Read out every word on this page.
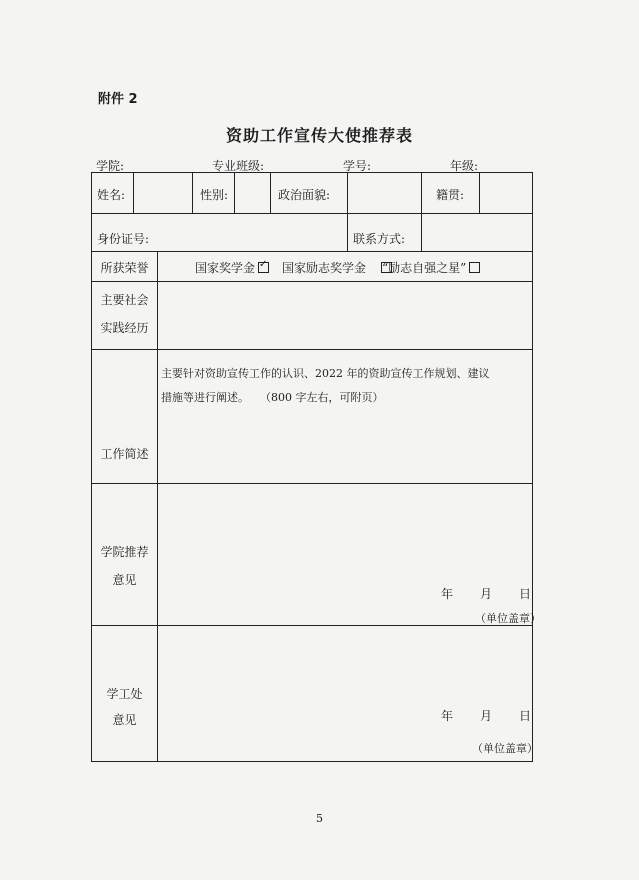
附件 2
资助工作宣传大使推荐表
学院:	专业班级:	学号:	年级:
姓名:	性别:	政治面貌:	籍贯:
身份证号:	联系方式:
所获荣誉	国家奖学金✓	国家励志奖学金　	“励志自强之星”
主要社会
实践经历
工作简述
学院推荐
意见
年 月 日
（单位盖章）
学工处
意见	年 月 日
（单位盖章）
主要针对资助宣传工作的认识、2022 年的资助宣传工作规划、建议
措施等进行阐述。　　（800 字左右，可附页）
5
